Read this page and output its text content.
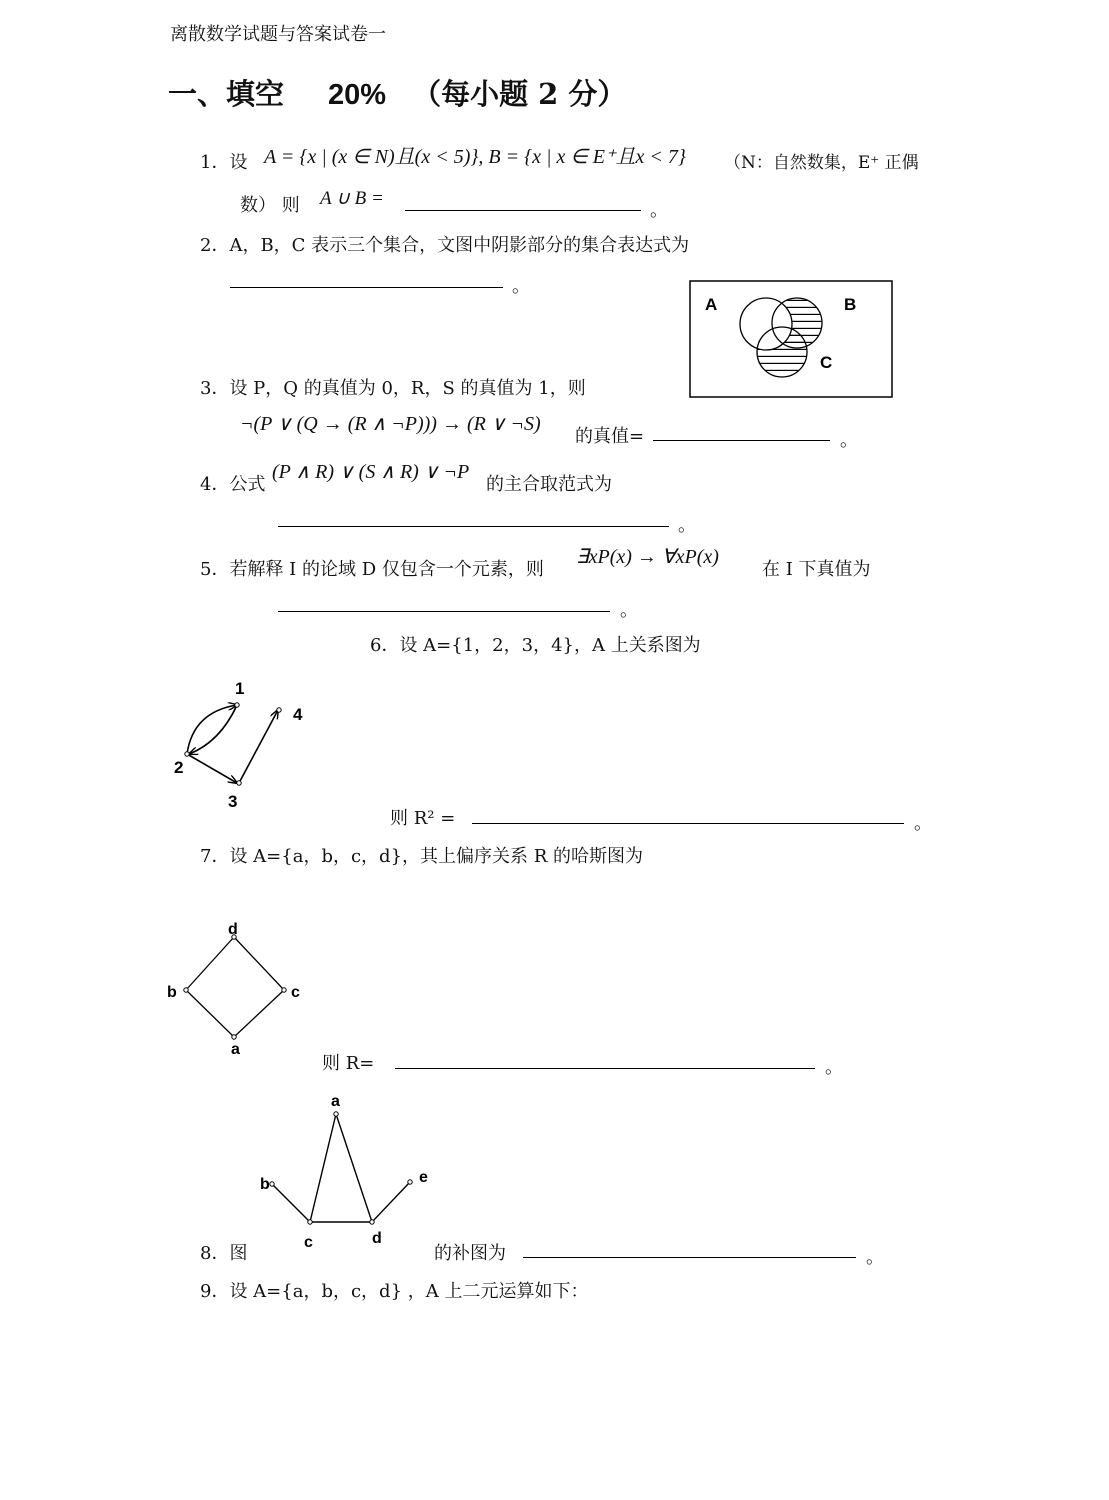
离散数学试题与答案试卷一
一、填空 20% （每小题 2 分）
1．设 A = {x | (x ∈ N)且(x < 5)}, B = {x | x ∈ E⁺且x < 7} （N：自然数集，E⁺ 正偶
数） 则 A ∪ B =
。
2．A，B，C 表示三个集合，文图中阴影部分的集合表达式为
。
A	B
C
3．设 P，Q 的真值为 0，R，S 的真值为 1，则
¬(P ∨ (Q → (R ∧ ¬P))) → (R ∨ ¬S)
的真值=	。
4．公式
(P ∧ R) ∨ (S ∧ R) ∨ ¬P
的主合取范式为
。
5．若解释 I 的论域 D 仅包含一个元素，则
∃xP(x) → ∀xP(x)
在 I 下真值为
。
6．设 A={1，2，3，4}，A 上关系图为
1
2
3
4
则 R² =	。
7．设 A={a，b，c，d}，其上偏序关系 R 的哈斯图为
d
b	c
a
则 R=	。
a
b
c	d
e
8．图	的补图为	。
9．设 A={a，b，c，d} ，A 上二元运算如下：
